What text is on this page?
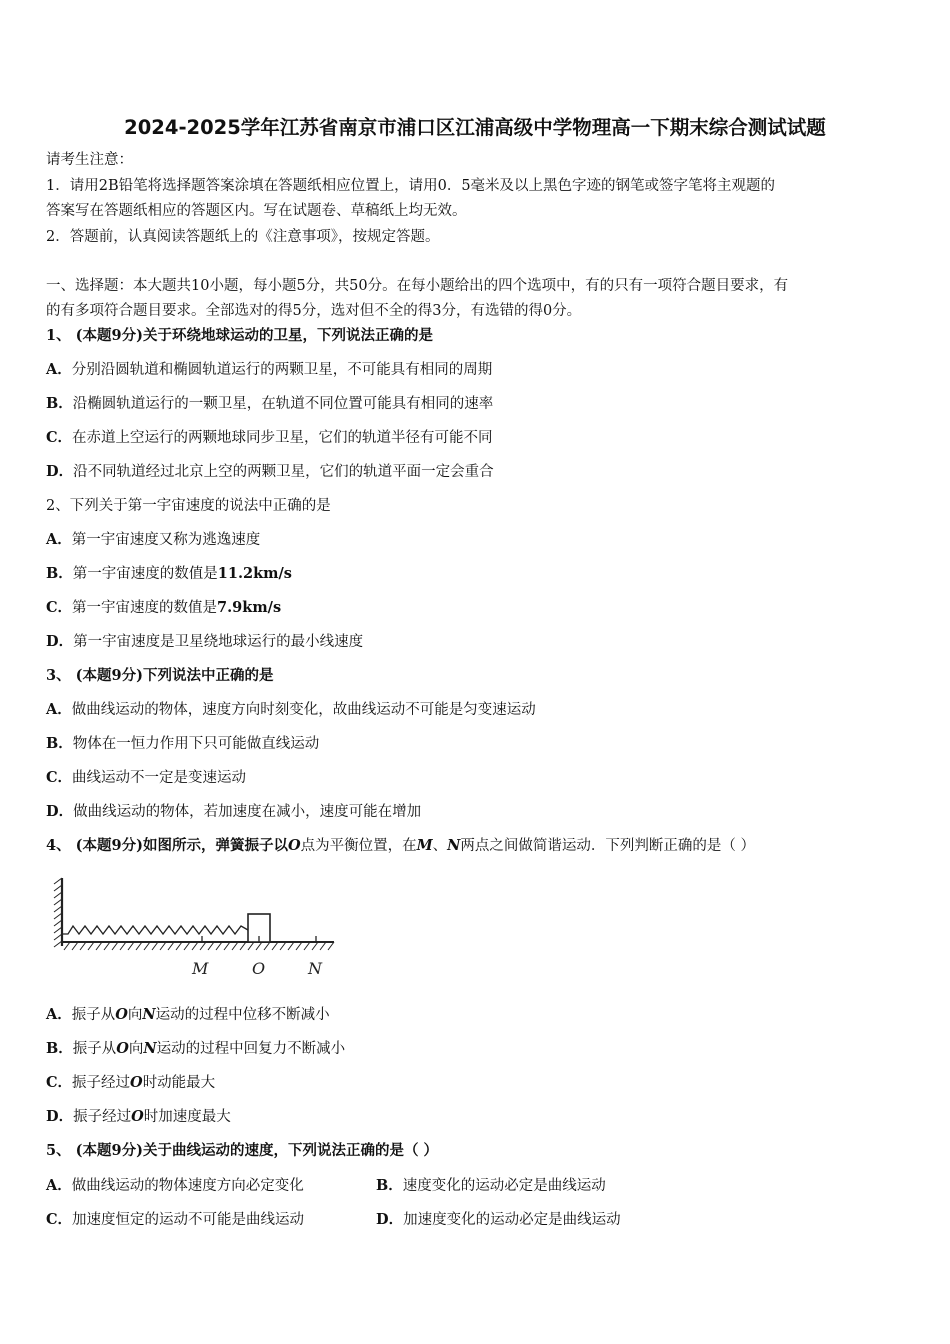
2024-2025学年江苏省南京市浦口区江浦高级中学物理高一下期末综合测试试题
请考生注意：
1．请用2B铅笔将选择题答案涂填在答题纸相应位置上，请用0．5毫米及以上黑色字迹的钢笔或签字笔将主观题的
答案写在答题纸相应的答题区内。写在试题卷、草稿纸上均无效。
2．答题前，认真阅读答题纸上的《注意事项》，按规定答题。
一、选择题：本大题共10小题，每小题5分，共50分。在每小题给出的四个选项中，有的只有一项符合题目要求，有
的有多项符合题目要求。全部选对的得5分，选对但不全的得3分，有选错的得0分。
1、 (本题9分)关于环绕地球运动的卫星，下列说法正确的是
A．分别沿圆轨道和椭圆轨道运行的两颗卫星，不可能具有相同的周期
B．沿椭圆轨道运行的一颗卫星，在轨道不同位置可能具有相同的速率
C．在赤道上空运行的两颗地球同步卫星，它们的轨道半径有可能不同
D．沿不同轨道经过北京上空的两颗卫星，它们的轨道平面一定会重合
2、下列关于第一宇宙速度的说法中正确的是
A．第一宇宙速度又称为逃逸速度
B．第一宇宙速度的数值是11.2km/s
C．第一宇宙速度的数值是7.9km/s
D．第一宇宙速度是卫星绕地球运行的最小线速度
3、 (本题9分)下列说法中正确的是
A．做曲线运动的物体，速度方向时刻变化，故曲线运动不可能是匀变速运动
B．物体在一恒力作用下只可能做直线运动
C．曲线运动不一定是变速运动
D．做曲线运动的物体，若加速度在减小，速度可能在增加
4、 (本题9分)如图所示，弹簧振子以O点为平衡位置，在M、N两点之间做简谐运动．下列判断正确的是（ ）
M	O	N
A．振子从O向N运动的过程中位移不断减小
B．振子从O向N运动的过程中回复力不断减小
C．振子经过O时动能最大
D．振子经过O时加速度最大
5、 (本题9分)关于曲线运动的速度，下列说法正确的是（ ）
A．做曲线运动的物体速度方向必定变化	B．速度变化的运动必定是曲线运动
C．加速度恒定的运动不可能是曲线运动	D．加速度变化的运动必定是曲线运动
